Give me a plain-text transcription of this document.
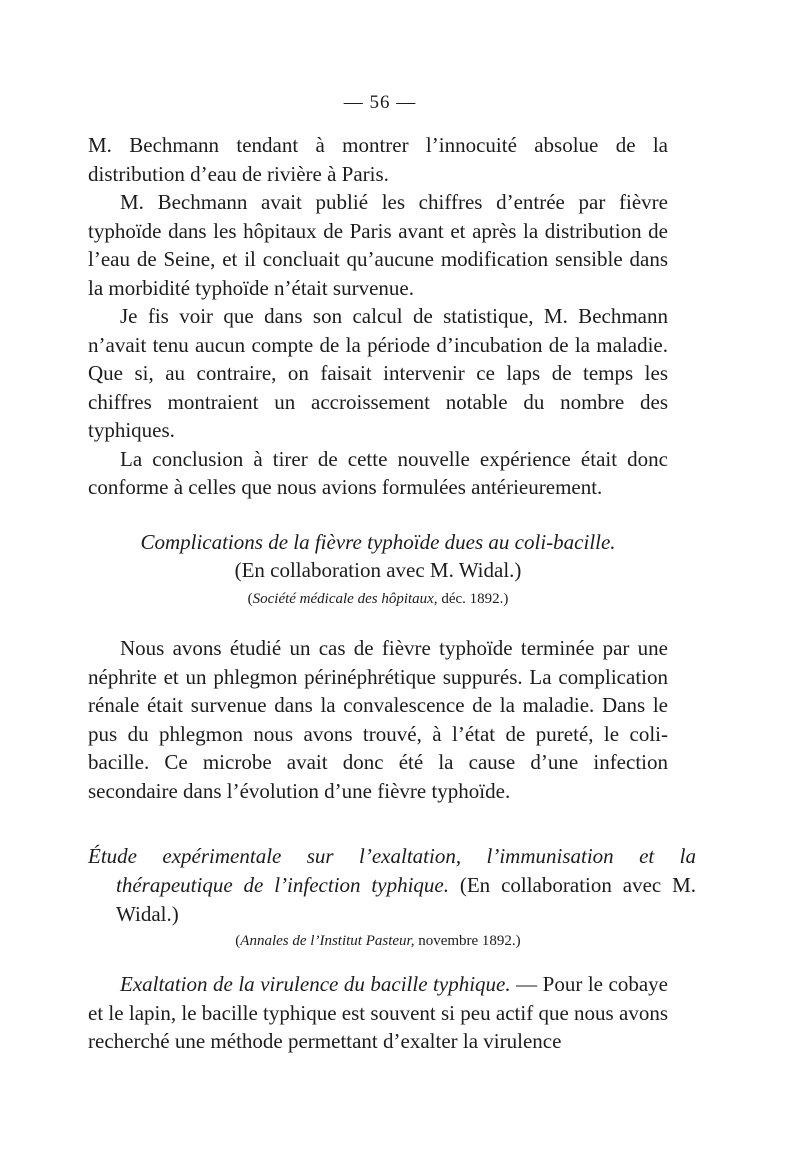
— 56 —

M. Bechmann tendant à montrer l’innocuité absolue de la distribution d’eau de rivière à Paris.

M. Bechmann avait publié les chiffres d’entrée par fièvre typhoïde dans les hôpitaux de Paris avant et après la distribution de l’eau de Seine, et il concluait qu’aucune modification sensible dans la morbidité typhoïde n’était survenue.

Je fis voir que dans son calcul de statistique, M. Bechmann n’avait tenu aucun compte de la période d’incubation de la maladie. Que si, au contraire, on faisait intervenir ce laps de temps les chiffres montraient un accroissement notable du nombre des typhiques.

La conclusion à tirer de cette nouvelle expérience était donc conforme à celles que nous avions formulées antérieurement.

Complications de la fièvre typhoïde dues au coli-bacille.
(En collaboration avec M. Widal.)
(Société médicale des hôpitaux, déc. 1892.)

Nous avons étudié un cas de fièvre typhoïde terminée par une néphrite et un phlegmon périnéphrétique suppurés. La complication rénale était survenue dans la convalescence de la maladie. Dans le pus du phlegmon nous avons trouvé, à l’état de pureté, le coli-bacille. Ce microbe avait donc été la cause d’une infection secondaire dans l’évolution d’une fièvre typhoïde.

Étude expérimentale sur l’exaltation, l’immunisation et la thérapeutique de l’infection typhique. (En collaboration avec M. Widal.)
(Annales de l’Institut Pasteur, novembre 1892.)

Exaltation de la virulence du bacille typhique. — Pour le cobaye et le lapin, le bacille typhique est souvent si peu actif que nous avons recherché une méthode permettant d’exalter la virulence
